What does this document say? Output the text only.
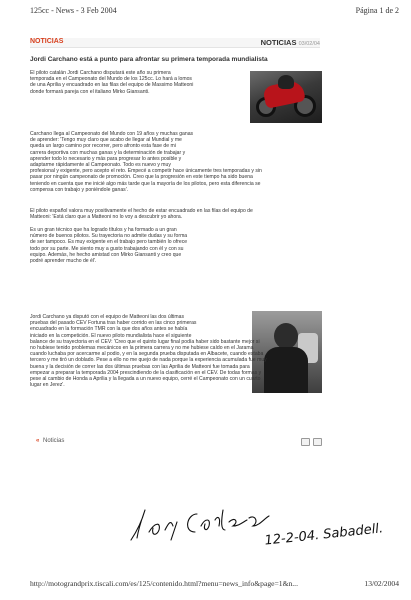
125cc - News - 3 Feb 2004	Página 1 de 2
NOTICIAS	NOTICIAS 03/02/04
Jordi Carchano está a punto para afrontar su primera temporada mundialista
El piloto catalán Jordi Carchano disputará este año su primera
temporada en el Campeonato del Mundo de los 125cc. Lo hará a lomos
de una Aprilia y encuadrado en las filas del equipo de Massimo Matteoni
donde formará pareja con el italiano Mirko Giansanti.
Carchano llega al Campeonato del Mundo con 19 años y muchas ganas
de aprender: 'Tengo muy claro que acabo de llegar al Mundial y me
queda un largo camino por recorrer, pero afronto esta fase de mi
carrera deportiva con muchas ganas y la determinación de trabajar y
aprender todo lo necesario y más para progresar lo antes posible y
adaptarme rápidamente al Campeonato. Todo es nuevo y muy
profesional y exigente, pero acepto el reto. Empecé a competir hace únicamente tres temporadas y sin
pasar por ningún campeonato de promoción. Creo que la progresión en este tiempo ha sido buena
teniendo en cuenta que me inicié algo más tarde que la mayoría de los pilotos, pero esta diferencia se
compensa con trabajo y poniéndole ganas'.
El piloto español valora muy positivamente el hecho de estar encuadrado en las filas del equipo de
Matteoni: 'Está claro que a Matteoni no lo voy a descubrir yo ahora.
Es un gran técnico que ha logrado títulos y ha formado a un gran
número de buenos pilotos. Su trayectoria no admite dudas y su forma
de ser tampoco. Es muy exigente en el trabajo pero también lo ofrece
todo por su parte. Me siento muy a gusto trabajando con él y con su
equipo. Además, he hecho amistad con Mirko Giansanti y creo que
podré aprender mucho de él'.
Jordi Carchano ya disputó con el equipo de Matteoni las dos últimas
pruebas del pasado CEV Fortuna tras haber corrido en las cinco primeras
encuadrado en la formación TMR con la que dos años antes se había
iniciado en la competición. El nuevo piloto mundialista hace el siguiente
balance de su trayectoria en el CEV: 'Creo que el quinto lugar final podía haber sido bastante mejor si
no hubiese tenido problemas mecánicos en la primera carrera y no me hubiese caído en el Jarama
cuando luchaba por acercarme al podio, y en la segunda prueba disputada en Albacete, cuando estaba
tercero y me tiró un doblado. Pese a ello no me quejo de nada porque la experiencia acumulada fue muy
buena y la decisión de correr las dos últimas pruebas con las Aprilia de Matteoni fue tomada para
empezar a preparar la temporada 2004 prescindiendo de la clasificación en el CEV. De todas formas y
pese al cambio de Honda a Aprilia y la llegada a un nuevo equipo, cerré el Campeonato con un cuarto
lugar en Jerez'.
« Noticias
12-2-04. Sabadell.
http://motograndprix.tiscali.com/es/125/contenido.html?menu=news_info&page=1&n...	13/02/2004
